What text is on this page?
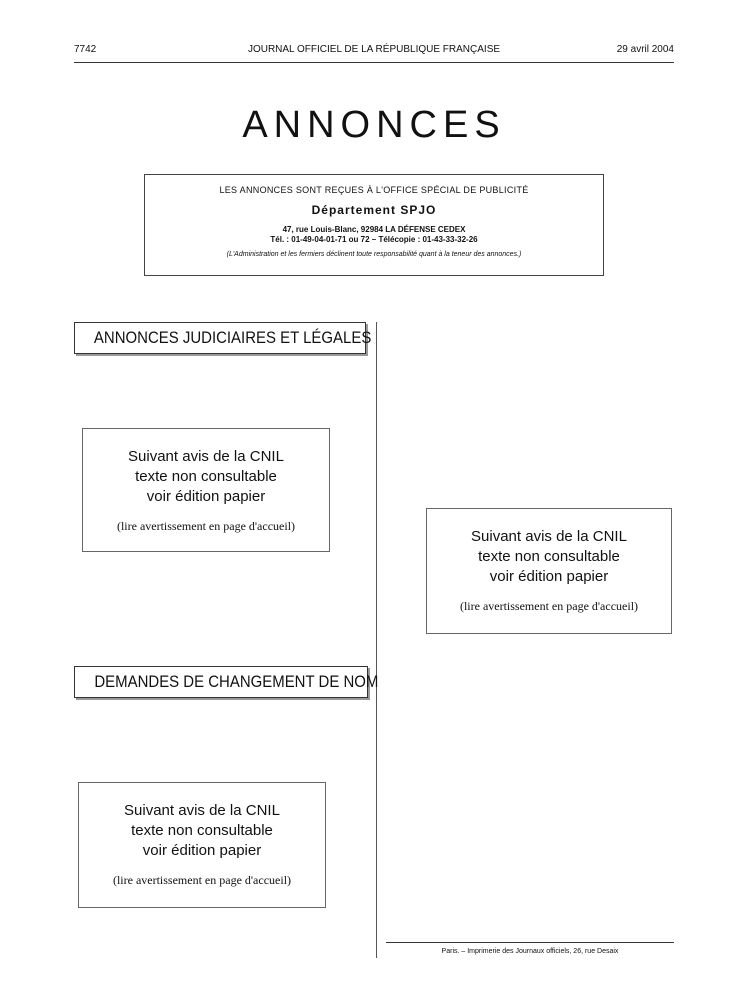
7742	JOURNAL OFFICIEL DE LA RÉPUBLIQUE FRANÇAISE	29 avril 2004
ANNONCES
LES ANNONCES SONT REÇUES À L'OFFICE SPÉCIAL DE PUBLICITÉ
Département SPJO
47, rue Louis-Blanc, 92984 LA DÉFENSE CEDEX
Tél. : 01-49-04-01-71 ou 72 – Télécopie : 01-43-33-32-26
(L'Administration et les fermiers déclinent toute responsabilité quant à la teneur des annonces.)
ANNONCES JUDICIAIRES ET LÉGALES
Suivant avis de la CNIL
texte non consultable
voir édition papier
(lire avertissement en page d'accueil)
Suivant avis de la CNIL
texte non consultable
voir édition papier
(lire avertissement en page d'accueil)
DEMANDES DE CHANGEMENT DE NOM
Suivant avis de la CNIL
texte non consultable
voir édition papier
(lire avertissement en page d'accueil)
Paris. – Imprimerie des Journaux officiels, 26, rue Desaix
